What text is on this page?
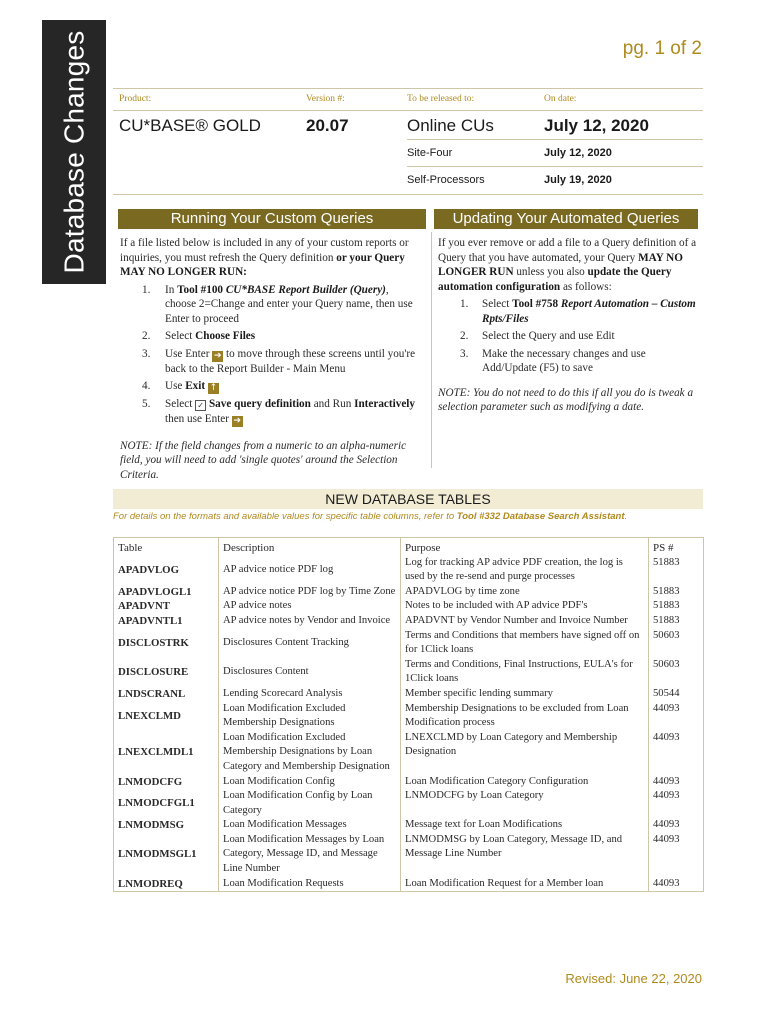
Database Changes	pg. 1 of 2
Product:	Version #:	To be released to:	On date:
CU*BASE® GOLD	20.07	Online CUs	July 12, 2020
Site-Four	July 12, 2020
Self-Processors	July 19, 2020
Running Your Custom Queries

If a file listed below is included in any of your custom reports or inquiries, you must refresh the Query definition or your Query MAY NO LONGER RUN:

1. In Tool #100 CU*BASE Report Builder (Query), choose 2=Change and enter your Query name, then use Enter to proceed
2. Select Choose Files
3. Use Enter ➔ to move through these screens until you're back to the Report Builder - Main Menu
4. Use Exit ↑
5. Select ✓ Save query definition and Run Interactively then use Enter ➔

NOTE: If the field changes from a numeric to an alpha-numeric field, you will need to add 'single quotes' around the Selection Criteria.

Updating Your Automated Queries

If you ever remove or add a file to a Query definition of a Query that you have automated, your Query MAY NO LONGER RUN unless you also update the Query automation configuration as follows:

1. Select Tool #758 Report Automation – Custom Rpts/Files
2. Select the Query and use Edit
3. Make the necessary changes and use Add/Update (F5) to save

NOTE: You do not need to do this if all you do is tweak a selection parameter such as modifying a date.

NEW DATABASE TABLES
For details on the formats and available values for specific table columns, refer to Tool #332 Database Search Assistant.
Table	Description	Purpose	PS #
APADVLOG	AP advice notice PDF log	Log for tracking AP advice PDF creation, the log is used by the re-send and purge processes	51883
APADVLOGL1	AP advice notice PDF log by Time Zone	APADVLOG by time zone	51883
APADVNT	AP advice notes	Notes to be included with AP advice PDF's	51883
APADVNTL1	AP advice notes by Vendor and Invoice	APADVNT by Vendor Number and Invoice Number	51883
DISCLOSTRK	Disclosures Content Tracking	Terms and Conditions that members have signed off on for 1Click loans	50603
DISCLOSURE	Disclosures Content	Terms and Conditions, Final Instructions, EULA's for 1Click loans	50603
LNDSCRANL	Lending Scorecard Analysis	Member specific lending summary	50544
LNEXCLMD	Loan Modification Excluded Membership Designations	Membership Designations to be excluded from Loan Modification process	44093
LNEXCLMDL1	Loan Modification Excluded Membership Designations by Loan Category and Membership Designation	LNEXCLMD by Loan Category and Membership Designation	44093
LNMODCFG	Loan Modification Config	Loan Modification Category Configuration	44093
LNMODCFGL1	Loan Modification Config by Loan Category	LNMODCFG by Loan Category	44093
LNMODMSG	Loan Modification Messages	Message text for Loan Modifications	44093
LNMODMSGL1	Loan Modification Messages by Loan Category, Message ID, and Message Line Number	LNMODMSG by Loan Category, Message ID, and Message Line Number	44093
LNMODREQ	Loan Modification Requests	Loan Modification Request for a Member loan	44093
Revised: June 22, 2020
